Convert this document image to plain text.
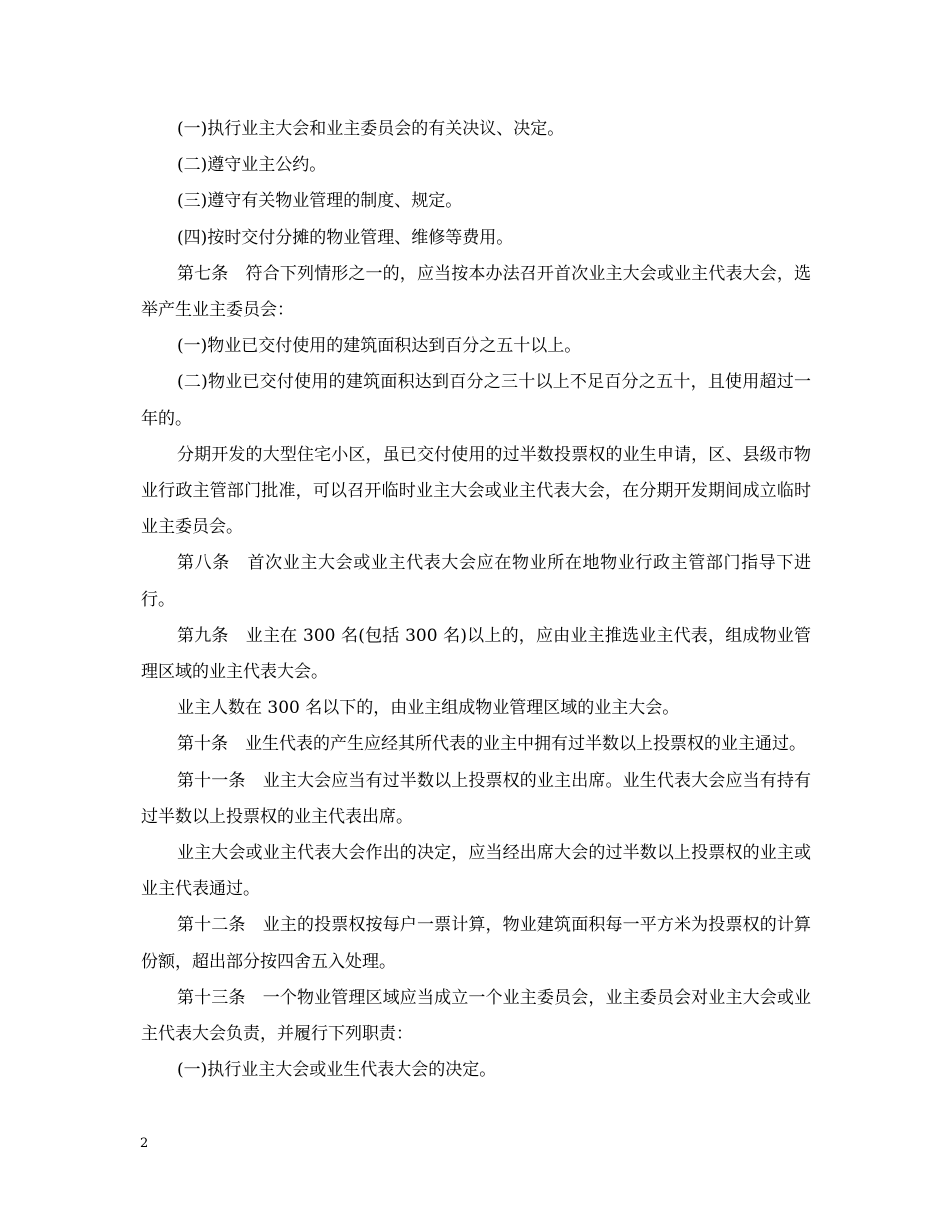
(一)执行业主大会和业主委员会的有关决议、决定。

(二)遵守业主公约。

(三)遵守有关物业管理的制度、规定。

(四)按时交付分摊的物业管理、维修等费用。

第七条　符合下列情形之一的，应当按本办法召开首次业主大会或业主代表大会，选举产生业主委员会：

(一)物业已交付使用的建筑面积达到百分之五十以上。

(二)物业已交付使用的建筑面积达到百分之三十以上不足百分之五十，且使用超过一年的。

分期开发的大型住宅小区，虽已交付使用的过半数投票权的业生申请，区、县级市物业行政主管部门批准，可以召开临时业主大会或业主代表大会，在分期开发期间成立临时业主委员会。

第八条　首次业主大会或业主代表大会应在物业所在地物业行政主管部门指导下进行。

第九条　业主在 300 名(包括 300 名)以上的，应由业主推选业主代表，组成物业管理区域的业主代表大会。

业主人数在 300 名以下的，由业主组成物业管理区域的业主大会。

第十条　业生代表的产生应经其所代表的业主中拥有过半数以上投票权的业主通过。

第十一条　业主大会应当有过半数以上投票权的业主出席。业生代表大会应当有持有过半数以上投票权的业主代表出席。

业主大会或业主代表大会作出的决定，应当经出席大会的过半数以上投票权的业主或业主代表通过。

第十二条　业主的投票权按每户一票计算，物业建筑面积每一平方米为投票权的计算份额，超出部分按四舍五入处理。

第十三条　一个物业管理区域应当成立一个业主委员会，业主委员会对业主大会或业主代表大会负责，并履行下列职责：

(一)执行业主大会或业生代表大会的决定。

2
